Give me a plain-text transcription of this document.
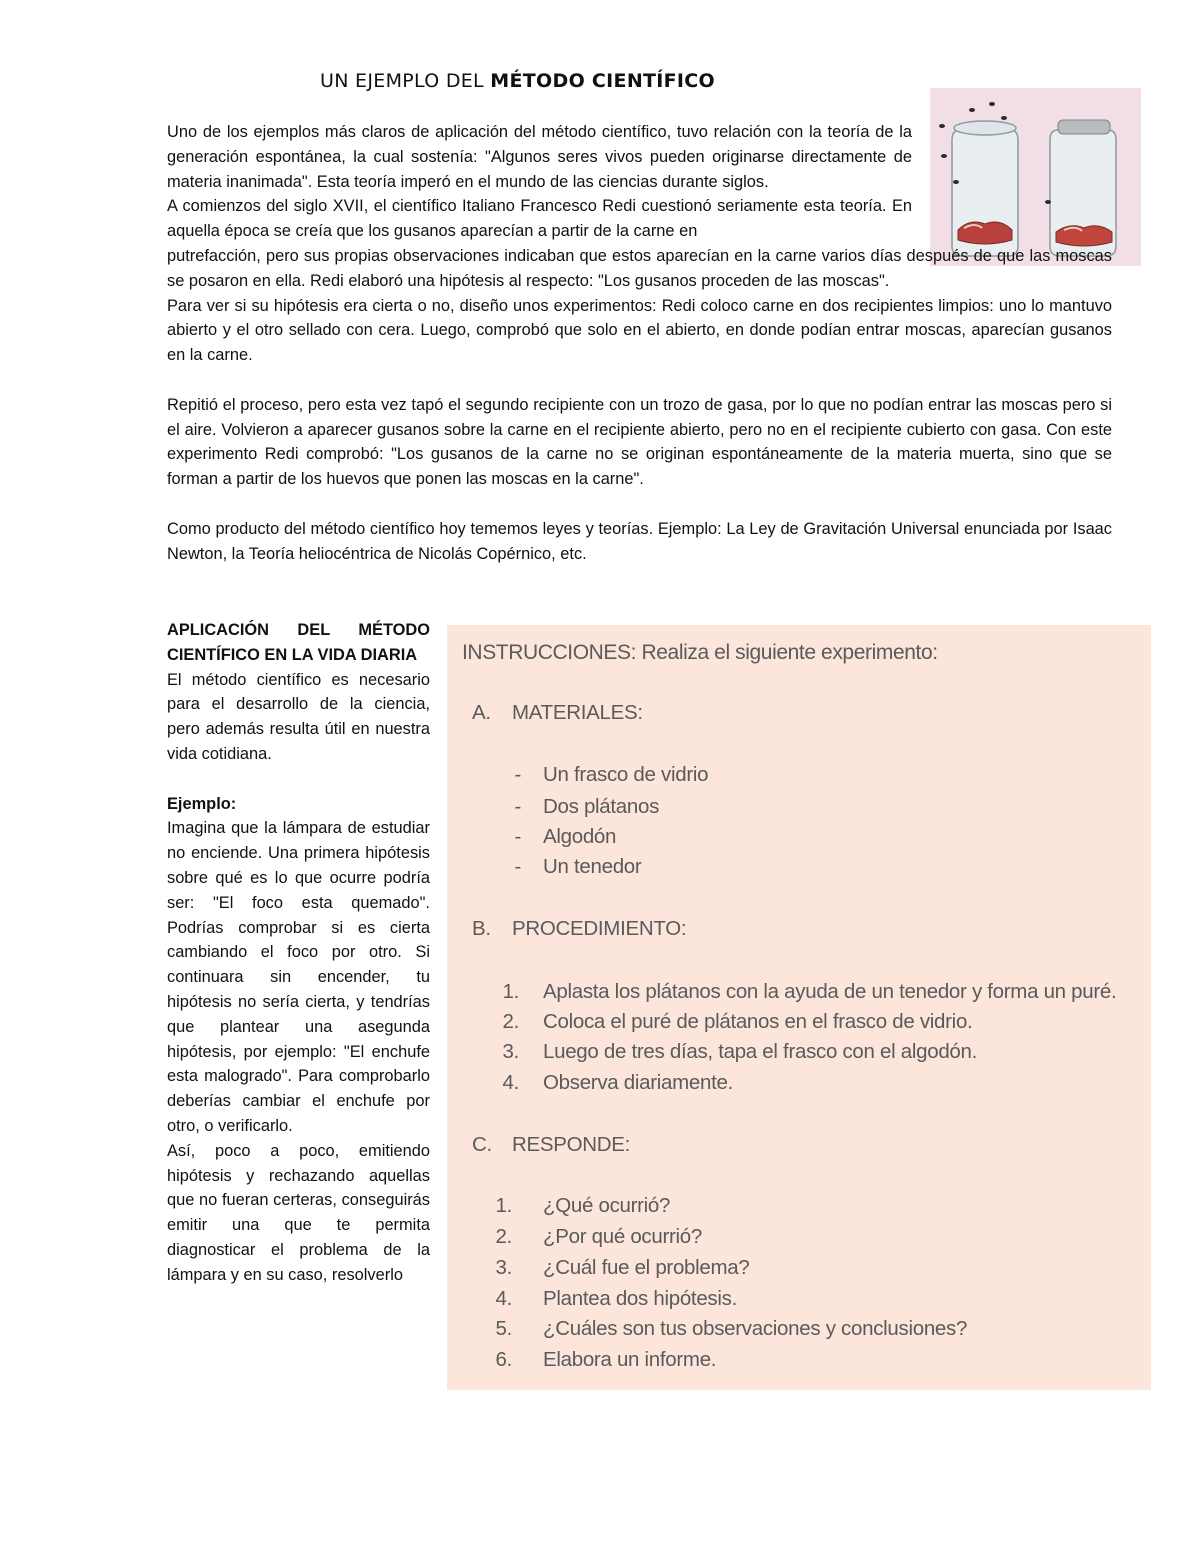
UN EJEMPLO DEL MÉTODO CIENTÍFICO

Uno de los ejemplos más claros de aplicación del método científico, tuvo relación con la teoría de la generación espontánea, la cual sostenía: "Algunos seres vivos pueden originarse directamente de materia inanimada". Esta teoría imperó en el mundo de las ciencias durante siglos.

A comienzos del siglo XVII, el científico Italiano Francesco Redi cuestionó seriamente esta teoría. En aquella época se creía que los gusanos aparecían a partir de la carne en

putrefacción, pero sus propias observaciones indicaban que estos aparecían en la carne varios días después de que las moscas se posaron en ella. Redi elaboró una hipótesis al respecto: "Los gusanos proceden de las moscas".

Para ver si su hipótesis era cierta o no, diseño unos experimentos: Redi coloco carne en dos recipientes limpios: uno lo mantuvo abierto y el otro sellado con cera. Luego, comprobó que solo en el abierto, en donde podían entrar moscas, aparecían gusanos en la carne.

Repitió el proceso, pero esta vez tapó el segundo recipiente con un trozo de gasa, por lo que no podían entrar las moscas pero si el aire. Volvieron a aparecer gusanos sobre la carne en el recipiente abierto, pero no en el recipiente cubierto con gasa. Con este experimento Redi comprobó: "Los gusanos de la carne no se originan espontáneamente de la materia muerta, sino que se forman a partir de los huevos que ponen las moscas en la carne".

Como producto del método científico hoy tememos leyes y teorías. Ejemplo: La Ley de Gravitación Universal enunciada por Isaac Newton, la Teoría heliocéntrica de Nicolás Copérnico, etc.

APLICACIÓN DEL MÉTODO CIENTÍFICO EN LA VIDA DIARIA

El método científico es necesario para el desarrollo de la ciencia, pero además resulta útil en nuestra vida cotidiana.

Ejemplo:

Imagina que la lámpara de estudiar no enciende. Una primera hipótesis sobre qué es lo que ocurre podría ser: "El foco esta quemado". Podrías comprobar si es cierta cambiando el foco por otro. Si continuara sin encender, tu hipótesis no sería cierta, y tendrías que plantear una asegunda hipótesis, por ejemplo: "El enchufe esta malogrado". Para comprobarlo deberías cambiar el enchufe por otro, o verificarlo.

Así, poco a poco, emitiendo hipótesis y rechazando aquellas que no fueran certeras, conseguirás emitir una que te permita diagnosticar el problema de la lámpara y en su caso, resolverlo

INSTRUCCIONES: Realiza el siguiente experimento:
A. MATERIALES:
- Un frasco de vidrio
- Dos plátanos
- Algodón
- Un tenedor
B. PROCEDIMIENTO:
1. Aplasta los plátanos con la ayuda de un tenedor y forma un puré.
2. Coloca el puré de plátanos en el frasco de vidrio.
3. Luego de tres días, tapa el frasco con el algodón.
4. Observa diariamente.
C. RESPONDE:
1. ¿Qué ocurrió?
2. ¿Por qué ocurrió?
3. ¿Cuál fue el problema?
4. Plantea dos hipótesis.
5. ¿Cuáles son tus observaciones y conclusiones?
6. Elabora un informe.
